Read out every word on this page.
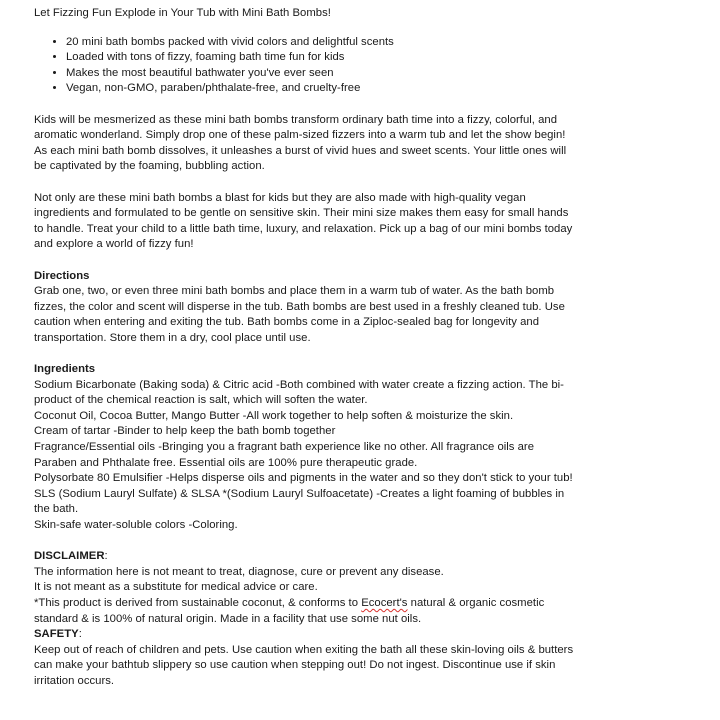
Let Fizzing Fun Explode in Your Tub with Mini Bath Bombs!

• 20 mini bath bombs packed with vivid colors and delightful scents
• Loaded with tons of fizzy, foaming bath time fun for kids
• Makes the most beautiful bathwater you've ever seen
• Vegan, non-GMO, paraben/phthalate-free, and cruelty-free

Kids will be mesmerized as these mini bath bombs transform ordinary bath time into a fizzy, colorful, and aromatic wonderland. Simply drop one of these palm-sized fizzers into a warm tub and let the show begin! As each mini bath bomb dissolves, it unleashes a burst of vivid hues and sweet scents. Your little ones will be captivated by the foaming, bubbling action.

Not only are these mini bath bombs a blast for kids but they are also made with high-quality vegan ingredients and formulated to be gentle on sensitive skin. Their mini size makes them easy for small hands to handle. Treat your child to a little bath time, luxury, and relaxation. Pick up a bag of our mini bombs today and explore a world of fizzy fun!

Directions

Grab one, two, or even three mini bath bombs and place them in a warm tub of water. As the bath bomb fizzes, the color and scent will disperse in the tub. Bath bombs are best used in a freshly cleaned tub. Use caution when entering and exiting the tub. Bath bombs come in a Ziploc-sealed bag for longevity and transportation. Store them in a dry, cool place until use.

Ingredients

Sodium Bicarbonate (Baking soda) & Citric acid -Both combined with water create a fizzing action. The bi-product of the chemical reaction is salt, which will soften the water.

Coconut Oil, Cocoa Butter, Mango Butter -All work together to help soften & moisturize the skin.

Cream of tartar -Binder to help keep the bath bomb together

Fragrance/Essential oils -Bringing you a fragrant bath experience like no other. All fragrance oils are Paraben and Phthalate free. Essential oils are 100% pure therapeutic grade.

Polysorbate 80 Emulsifier -Helps disperse oils and pigments in the water and so they don't stick to your tub!

SLS (Sodium Lauryl Sulfate) & SLSA *(Sodium Lauryl Sulfoacetate) -Creates a light foaming of bubbles in the bath.

Skin-safe water-soluble colors -Coloring.

DISCLAIMER:

The information here is not meant to treat, diagnose, cure or prevent any disease.

It is not meant as a substitute for medical advice or care.

*This product is derived from sustainable coconut, & conforms to Ecocert's natural & organic cosmetic standard & is 100% of natural origin. Made in a facility that use some nut oils.

SAFETY:

Keep out of reach of children and pets. Use caution when exiting the bath all these skin-loving oils & butters can make your bathtub slippery so use caution when stepping out! Do not ingest. Discontinue use if skin irritation occurs.
